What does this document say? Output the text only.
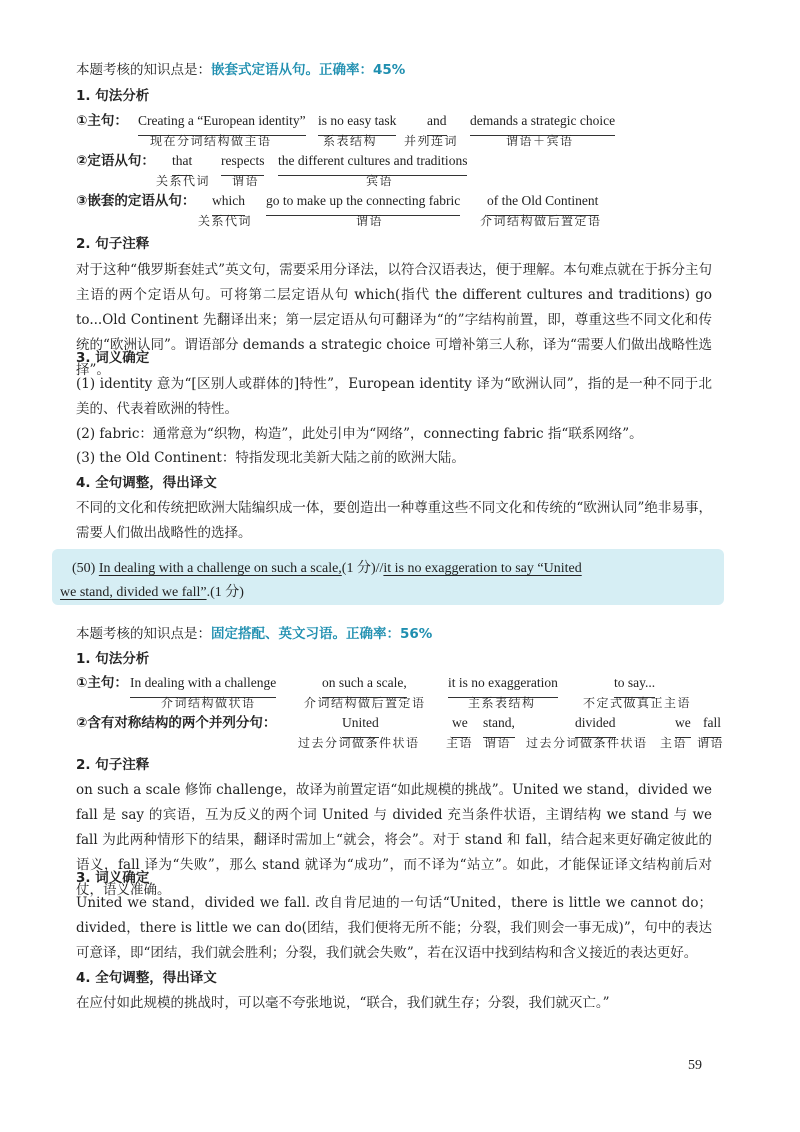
本题考核的知识点是：嵌套式定语从句。正确率：45%
1. 句法分析
①主句： Creating a “European identity”
现在分词结构做主语
is no easy task
系表结构
and
并列连词
demands a strategic choice
谓语＋宾语
②定语从句： that
关系代词
respects
谓语
the different cultures and traditions
宾语
③嵌套的定语从句： which
关系代词
go to make up the connecting fabric
谓语
of the Old Continent
介词结构做后置定语
2. 句子注释
对于这种“俄罗斯套娃式”英文句，需要采用分译法，以符合汉语表达，便于理解。本句难点就在于拆分主句主语的两个定语从句。可将第二层定语从句 which(指代 the different cultures and traditions) go to...Old Continent 先翻译出来；第一层定语从句可翻译为“的”字结构前置，即，尊重这些不同文化和传统的“欧洲认同”。谓语部分 demands a strategic choice 可增补第三人称，译为“需要人们做出战略性选择”。
3. 词义确定
(1) identity 意为“[区别人或群体的]特性”，European identity 译为“欧洲认同”，指的是一种不同于北美的、代表着欧洲的特性。
(2) fabric：通常意为“织物，构造”，此处引申为“网络”，connecting fabric 指“联系网络”。
(3) the Old Continent：特指发现北美新大陆之前的欧洲大陆。
4. 全句调整，得出译文
不同的文化和传统把欧洲大陆编织成一体，要创造出一种尊重这些不同文化和传统的“欧洲认同”绝非易事，需要人们做出战略性的选择。
(50) In dealing with a challenge on such a scale,(1 分)//it is no exaggeration to say “United
we stand, divided we fall”.(1 分)
本题考核的知识点是：固定搭配、英文习语。正确率：56%
1. 句法分析
①主句： In dealing with a challenge
介词结构做状语
on such a scale,
介词结构做后置定语
it is no exaggeration
主系表结构
to say...
不定式做真正主语
②含有对称结构的两个并列分句：	United
过去分词做条件状语
we
主语
stand,
谓语
divided
过去分词做条件状语
we
主语
fall
谓语
2. 句子注释
on such a scale 修饰 challenge，故译为前置定语“如此规模的挑战”。United we stand，divided we fall 是 say 的宾语，互为反义的两个词 United 与 divided 充当条件状语，主谓结构 we stand 与 we fall 为此两种情形下的结果，翻译时需加上“就会，将会”。对于 stand 和 fall，结合起来更好确定彼此的语义，fall 译为“失败”，那么 stand 就译为“成功”，而不译为“站立”。如此，才能保证译文结构前后对仗，语义准确。
3. 词义确定
United we stand，divided we fall. 改自肯尼迪的一句话“United，there is little we cannot do；divided，there is little we can do(团结，我们便将无所不能；分裂，我们则会一事无成)”，句中的表达可意译，即“团结，我们就会胜利；分裂，我们就会失败”，若在汉语中找到结构和含义接近的表达更好。
4. 全句调整，得出译文
在应付如此规模的挑战时，可以毫不夸张地说，“联合，我们就生存；分裂，我们就灭亡。”
59
